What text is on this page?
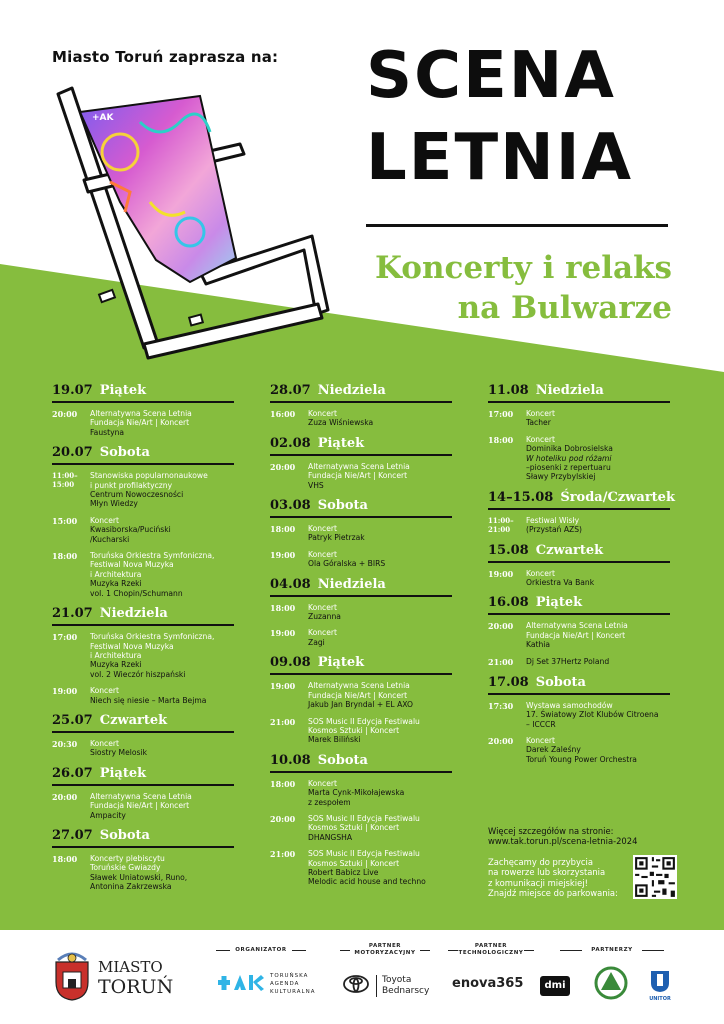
Miasto Toruń zaprasza na: SCENA
LETNIA
Koncerty i relaks
na Bulwarze
+AK
19.07 Piątek
20:00	Alternatywna Scena Letnia
Fundacja Nie/Art | Koncert
Faustyna
20.07 Sobota
11:00–
15:00
Stanowiska popularnonaukowe
i punkt profilaktyczny
Centrum Nowoczesności
Młyn Wiedzy
15:00	Koncert
Kwasiborska/Puciński
/Kucharski
18:00	Toruńska Orkiestra Symfoniczna,
Festiwal Nova Muzyka
i Architektura
Muzyka Rzeki
vol. 1 Chopin/Schumann
21.07 Niedziela
17:00	Toruńska Orkiestra Symfoniczna,
Festiwal Nova Muzyka
i Architektura
Muzyka Rzeki
vol. 2 Wieczór hiszpański
19:00	Koncert
Niech się niesie – Marta Bejma
25.07 Czwartek
20:30	Koncert
Siostry Melosik
26.07 Piątek
20:00	Alternatywna Scena Letnia
Fundacja Nie/Art | Koncert
Ampacity
27.07 Sobota
18:00	Koncerty plebiscytu
Toruńskie Gwiazdy
Sławek Uniatowski, Runo,
Antonina Zakrzewska
28.07 Niedziela
16:00	Koncert
Zuza Wiśniewska
02.08 Piątek
20:00	Alternatywna Scena Letnia
Fundacja Nie/Art | Koncert
VHS
03.08 Sobota
18:00	Koncert
Patryk Pietrzak
19:00	Koncert
Ola Góralska + BIRS
04.08 Niedziela
18:00	Koncert
Zuzanna
19:00	Koncert
Zagi
09.08 Piątek
19:00	Alternatywna Scena Letnia
Fundacja Nie/Art | Koncert
Jakub Jan Bryndal + EL AXO
21:00	SOS Music II Edycja Festiwalu
Kosmos Sztuki | Koncert
Marek Biliński
10.08 Sobota
18:00	Koncert
Marta Cynk-Mikołajewska
z zespołem
20:00	SOS Music II Edycja Festiwalu
Kosmos Sztuki | Koncert
DHANGSHA
21:00	SOS Music II Edycja Festiwalu
Kosmos Sztuki | Koncert
Robert Babicz Live
Melodic acid house and techno
11.08 Niedziela
17:00	Koncert
Tacher
18:00	Koncert
Dominika Dobrosielska
W hoteliku pod różami
–piosenki z repertuaru
Sławy Przybylskiej
14–15.08 Środa/Czwartek
11:00–
21:00
Festiwal Wisły
(Przystań AZS)
15.08 Czwartek
19:00	Koncert
Orkiestra Va Bank
16.08 Piątek
20:00	Alternatywna Scena Letnia
Fundacja Nie/Art | Koncert
Kathia
21:00	Dj Set 37Hertz Poland
17.08 Sobota
17:30	Wystawa samochodów
17. Światowy Zlot Klubów Citroena
– ICCCR
20:00	Koncert
Darek Zaleśny
Toruń Young Power Orchestra
Więcej szczegółów na stronie:
www.tak.torun.pl/scena-letnia-2024
Zachęcamy do przybycia
na rowerze lub skorzystania
z komunikacji miejskiej!
Znajdź miejsce do parkowania:
MIASTO
TORUŃ
ORGANIZATOR
TORUŃSKA
AGENDA
KULTURALNA
PARTNER
MOTORYZACYJNY
Toyota
Bednarscy
PARTNER
TECHNOLOGICZNY
enova365
PARTNERZY
dmi
UNITOR
